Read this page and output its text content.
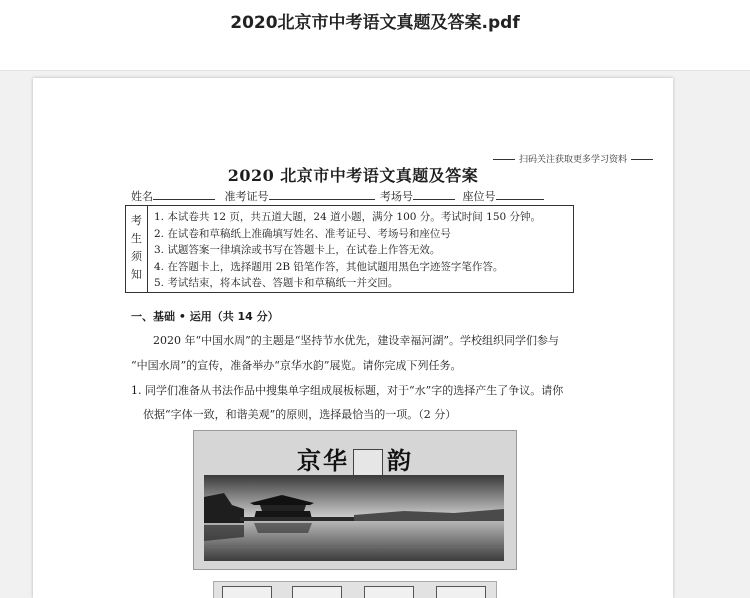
2020北京市中考语文真题及答案.pdf
扫码关注获取更多学习资料
2020 北京市中考语文真题及答案
姓名	准考证号	考场号	座位号
考
生
须
知
1. 本试卷共 12 页，共五道大题，24 道小题，满分 100 分。考试时间 150 分钟。
2. 在试卷和草稿纸上准确填写姓名、准考证号、考场号和座位号
3. 试题答案一律填涂或书写在答题卡上，在试卷上作答无效。
4. 在答题卡上，选择题用 2B 铅笔作答，其他试题用黑色字迹签字笔作答。
5. 考试结束，将本试卷、答题卡和草稿纸一并交回。
一、基础 • 运用（共 14 分）
2020 年“中国水周”的主题是“坚持节水优先，建设幸福河湖”。学校组织同学们参与
“中国水周”的宣传，准备举办“京华水韵”展览。请你完成下列任务。
1. 同学们准备从书法作品中搜集单字组成展板标题，对于“水”字的选择产生了争议。请你
依据“字体一致，和谐美观”的原则，选择最恰当的一项。（2 分）
京华 韵
